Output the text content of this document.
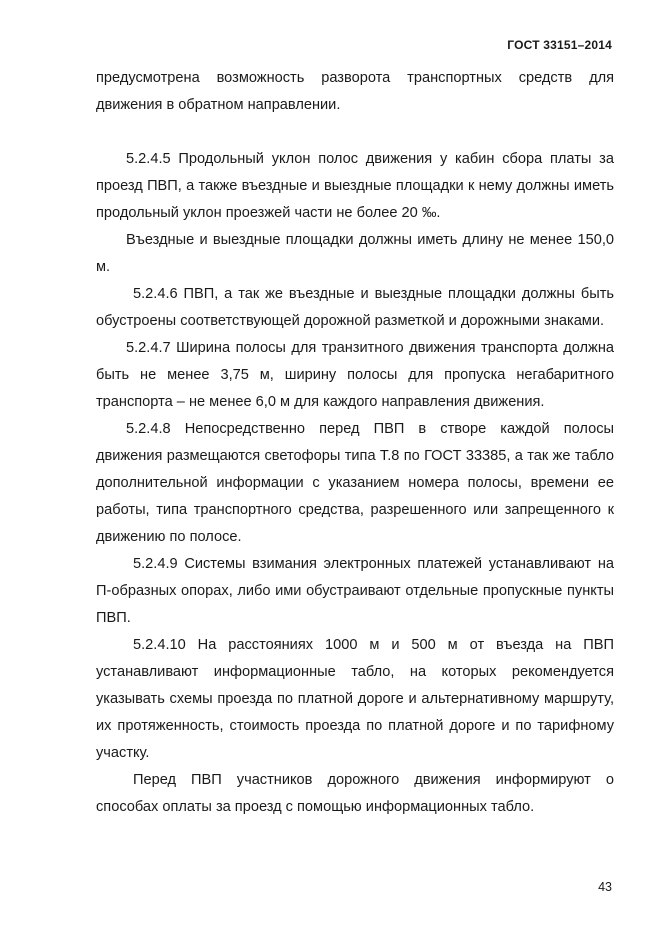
ГОСТ 33151–2014

предусмотрена возможность разворота транспортных средств для движения в обратном направлении.

5.2.4.5 Продольный уклон полос движения у кабин сбора платы за проезд ПВП, а также въездные и выездные площадки к нему должны иметь продольный уклон проезжей части не более 20 ‰.

Въездные и выездные площадки должны иметь длину не менее 150,0 м.

5.2.4.6 ПВП, а так же въездные и выездные площадки должны быть обустроены соответствующей дорожной разметкой и дорожными знаками.

5.2.4.7 Ширина полосы для транзитного движения транспорта должна быть не менее 3,75 м, ширину полосы для пропуска негабаритного транспорта – не менее 6,0 м для каждого направления движения.

5.2.4.8 Непосредственно перед ПВП в створе каждой полосы движения размещаются светофоры типа Т.8 по ГОСТ 33385, а так же табло дополнительной информации с указанием номера полосы, времени ее работы, типа транспортного средства, разрешенного или запрещенного к движению по полосе.

5.2.4.9 Системы взимания электронных платежей устанавливают на П-образных опорах, либо ими обустраивают отдельные пропускные пункты ПВП.

5.2.4.10 На расстояниях 1000 м и 500 м от въезда на ПВП устанавливают информационные табло, на которых рекомендуется указывать схемы проезда по платной дороге и альтернативному маршруту, их протяженность, стоимость проезда по платной дороге и по тарифному участку.

Перед ПВП участников дорожного движения информируют о способах оплаты за проезд с помощью информационных табло.

43
